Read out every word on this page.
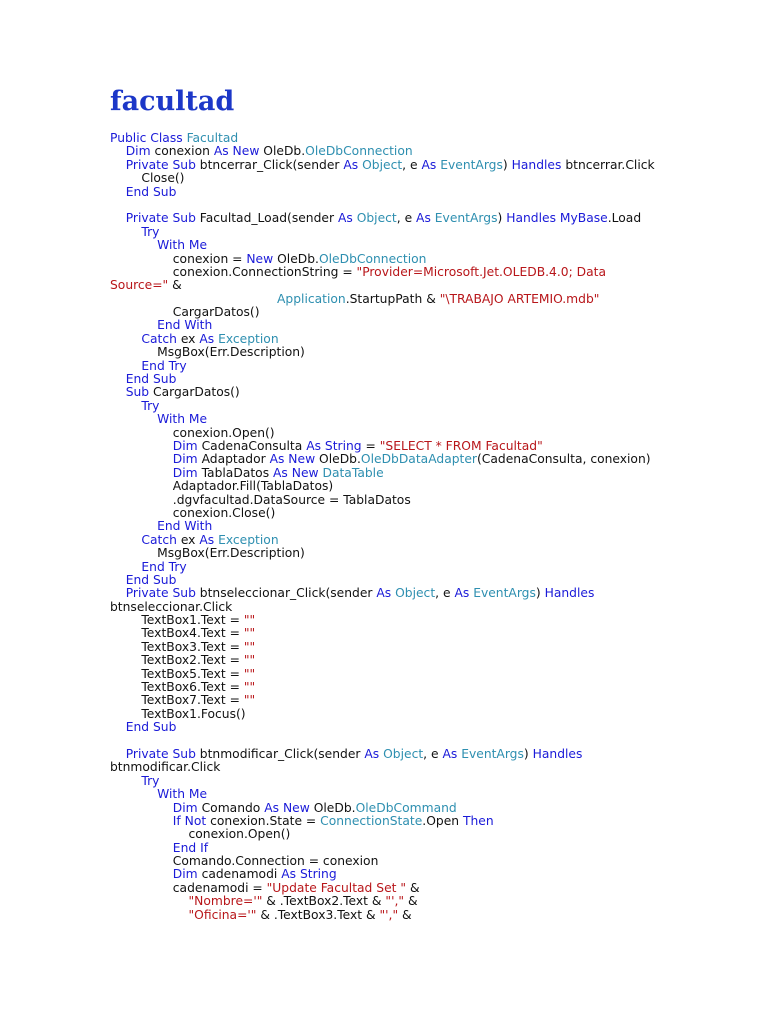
facultad
Public Class Facultad
Dim conexion As New OleDb.OleDbConnection
Private Sub btncerrar_Click(sender As Object, e As EventArgs) Handles btncerrar.Click
Close()
End Sub
Private Sub Facultad_Load(sender As Object, e As EventArgs) Handles MyBase.Load
Try
With Me
conexion = New OleDb.OleDbConnection
conexion.ConnectionString = "Provider=Microsoft.Jet.OLEDB.4.0; Data
Source=" &
Application.StartupPath & "\TRABAJO ARTEMIO.mdb"
CargarDatos()
End With
Catch ex As Exception
MsgBox(Err.Description)
End Try
End Sub
Sub CargarDatos()
Try
With Me
conexion.Open()
Dim CadenaConsulta As String = "SELECT * FROM Facultad"
Dim Adaptador As New OleDb.OleDbDataAdapter(CadenaConsulta, conexion)
Dim TablaDatos As New DataTable
Adaptador.Fill(TablaDatos)
.dgvfacultad.DataSource = TablaDatos
conexion.Close()
End With
Catch ex As Exception
MsgBox(Err.Description)
End Try
End Sub
Private Sub btnseleccionar_Click(sender As Object, e As EventArgs) Handles
btnseleccionar.Click
TextBox1.Text = ""
TextBox4.Text = ""
TextBox3.Text = ""
TextBox2.Text = ""
TextBox5.Text = ""
TextBox6.Text = ""
TextBox7.Text = ""
TextBox1.Focus()
End Sub
Private Sub btnmodificar_Click(sender As Object, e As EventArgs) Handles
btnmodificar.Click
Try
With Me
Dim Comando As New OleDb.OleDbCommand
If Not conexion.State = ConnectionState.Open Then
conexion.Open()
End If
Comando.Connection = conexion
Dim cadenamodi As String
cadenamodi = "Update Facultad Set " &
"Nombre='" & .TextBox2.Text & "'," &
"Oficina='" & .TextBox3.Text & "'," &
